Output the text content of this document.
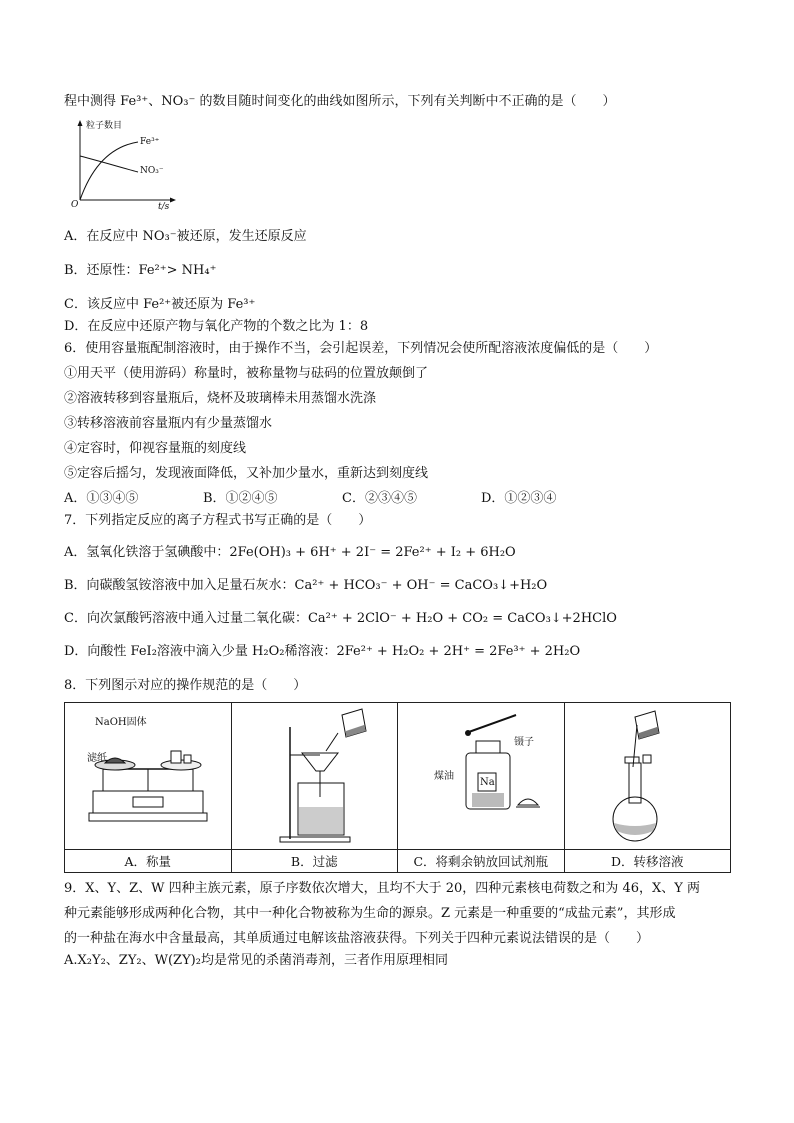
程中测得 Fe³⁺、NO₃⁻ 的数目随时间变化的曲线如图所示，下列有关判断中不正确的是（　　）
粒子数目
Fe³⁺
NO₃⁻
O	t/s
A．在反应中 NO₃⁻被还原，发生还原反应
B．还原性：Fe²⁺> NH₄⁺
C．该反应中 Fe²⁺被还原为 Fe³⁺
D．在反应中还原产物与氧化产物的个数之比为 1：8
6．使用容量瓶配制溶液时，由于操作不当，会引起误差，下列情况会使所配溶液浓度偏低的是（　　）
①用天平（使用游码）称量时，被称量物与砝码的位置放颠倒了
②溶液转移到容量瓶后，烧杯及玻璃棒未用蒸馏水洗涤
③转移溶液前容量瓶内有少量蒸馏水
④定容时，仰视容量瓶的刻度线
⑤定容后摇匀，发现液面降低，又补加少量水，重新达到刻度线
A．①③④⑤	B．①②④⑤	C．②③④⑤	D．①②③④
7．下列指定反应的离子方程式书写正确的是（　　）
A．氢氧化铁溶于氢碘酸中：2Fe(OH)₃ + 6H⁺ + 2I⁻ = 2Fe²⁺ + I₂ + 6H₂O
B．向碳酸氢铵溶液中加入足量石灰水：Ca²⁺ + HCO₃⁻ + OH⁻ = CaCO₃↓+H₂O
C．向次氯酸钙溶液中通入过量二氧化碳：Ca²⁺ + 2ClO⁻ + H₂O + CO₂ = CaCO₃↓+2HClO
D．向酸性 FeI₂溶液中滴入少量 H₂O₂稀溶液：2Fe²⁺ + H₂O₂ + 2H⁺ = 2Fe³⁺ + 2H₂O
8．下列图示对应的操作规范的是（　　）
NaOH固体
滤纸		镊子
煤油
Na

A．称量	B．过滤	C．将剩余钠放回试剂瓶	D．转移溶液
9．X、Y、Z、W 四种主族元素，原子序数依次增大，且均不大于 20，四种元素核电荷数之和为 46，X、Y 两
种元素能够形成两种化合物，其中一种化合物被称为生命的源泉。Z 元素是一种重要的“成盐元素”，其形成
的一种盐在海水中含量最高，其单质通过电解该盐溶液获得。下列关于四种元素说法错误的是（　　）
A.X₂Y₂、ZY₂、W(ZY)₂均是常见的杀菌消毒剂，三者作用原理相同
